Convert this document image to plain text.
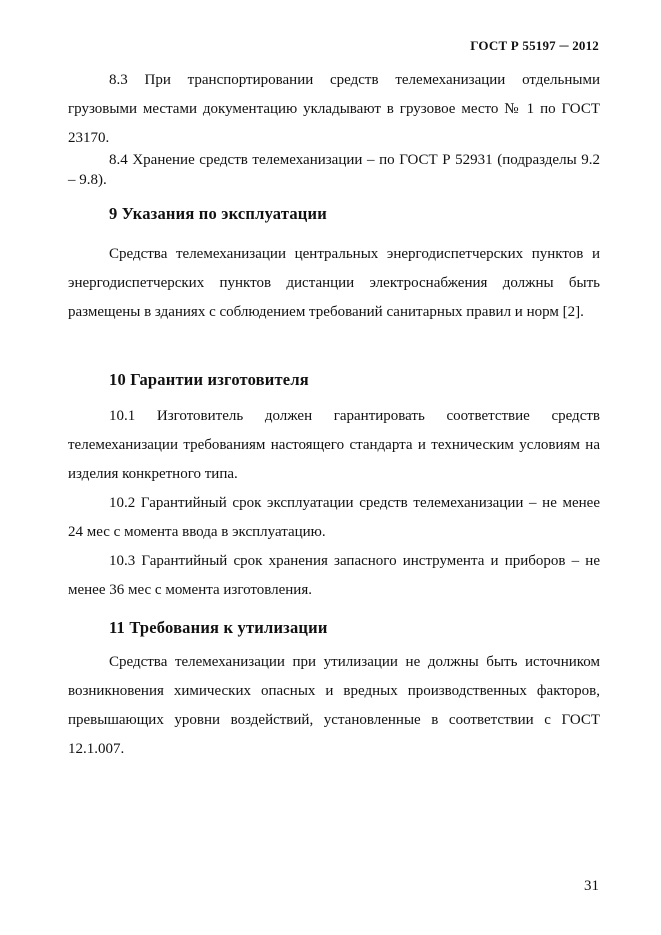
ГОСТ Р 55197 ─ 2012

8.3 При транспортировании средств телемеханизации отдельными грузовыми местами документацию укладывают в грузовое место № 1 по ГОСТ 23170.

8.4 Хранение средств телемеханизации – по ГОСТ Р 52931 (подразделы 9.2 – 9.8).

9 Указания по эксплуатации

Средства телемеханизации центральных энергодиспетчерских пунктов и энергодиспетчерских пунктов дистанции электроснабжения должны быть размещены в зданиях с соблюдением требований санитарных правил и норм [2].

10 Гарантии изготовителя

10.1 Изготовитель должен гарантировать соответствие средств телемеханизации требованиям настоящего стандарта и техническим условиям на изделия конкретного типа.

10.2 Гарантийный срок эксплуатации средств телемеханизации – не менее 24 мес с момента ввода в эксплуатацию.

10.3 Гарантийный срок хранения запасного инструмента и приборов – не менее 36 мес с момента изготовления.

11 Требования к утилизации

Средства телемеханизации при утилизации не должны быть источником возникновения химических опасных и вредных производственных факторов, превышающих уровни воздействий, установленные в соответствии с ГОСТ 12.1.007.

31
